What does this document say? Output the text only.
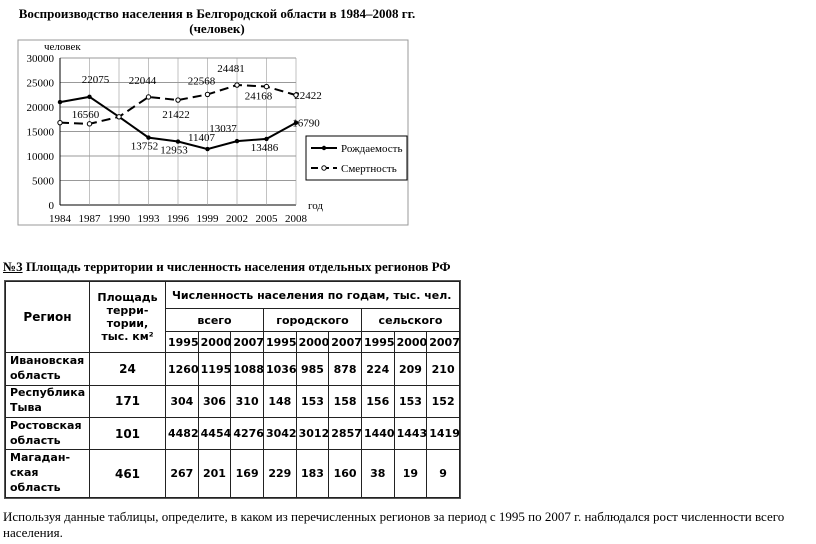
Воспроизводство населения в Белгородской области в 1984–2008 гг.
(человек)
человек
год
0
5000
10000
15000
20000
25000
30000
1984 1987 1990 1993 1996 1999 2002 2005 2008
22075
13752 12953
11407
13037
13486
16790
16560
22044
21422
22568
24481
24168 22422
Рождаемость
Смертность
№3 Площадь территории и численность населения отдельных регионов РФ
Регион	Площадь
терри-
тории,
тыс. км²	Численность населения по годам, тыс. чел.								
		всего			городского			сельского		
		1995	2000	2007	1995	2000	2007	1995	2000	2007
Ивановская
область	24	1260	1195	1088	1036	985	878	224	209	210
Республика
Тыва	171	304	306	310	148	153	158	156	153	152
Ростовская
область	101	4482	4454	4276	3042	3012	2857	1440	1443	1419
Магадан-
ская область	461	267	201	169	229	183	160	38	19	9
Используя данные таблицы, определите, в каком из перечисленных регионов за период с 1995 по 2007 г. наблюдался рост численности всего населения.
